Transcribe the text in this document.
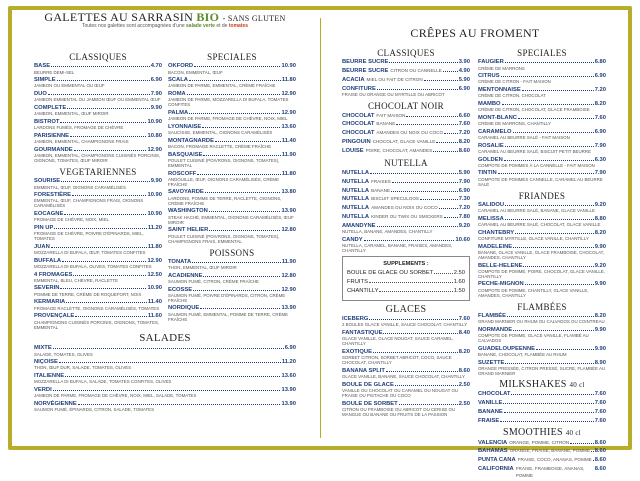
GALETTES AU SARRASIN BIO - SANS GLUTEN
Toutes nos galettes sont accompagnées d'une salade verte et de tomates
CLASSIQUES
BASE	4.70
BEURRE DEMI-SEL
SIMPLE	6.90
JAMBON OU EMMENTAL OU ŒUF
DUO	7.90
JAMBON EMMENTAL OU JAMBON ŒUF OU EMMENTAL ŒUF
COMPLETE	9.90
JAMBON, EMMENTAL, ŒUF MIROIR
BISTROT	10.90
LARDONS FUMÉS, FROMAGE DE CHÈVRE
PARISIENNE	10.80
JAMBON, EMMENTAL, CHAMPIGNONS FRAIS
GOURMANDE	12.90
JAMBON, EMMENTAL, CHAMPIGNONS CUISINÉS PORCINIS, OIGNONS, TOMATES, ŒUF MIROIR
VEGETARIENNES
SOURISE	9.90
EMMENTAL, ŒUF, OIGNONS CARAMÉLISÉS
FORESTIÈRE	10.90
EMMENTAL, ŒUF, CHAMPIGNONS FRAIS, OIGNONS CARAMÉLISÉS
EOCAGNE	10.90
FROMAGE DE CHÈVRE, NOIX, MIEL
PIN UP	11.20
FROMAGE DE CHÈVRE, POIVRE D'ÉPINARDS, MIEL, TOMATES
JUAN	11.80
MOZZARELLA DI BUFALA, ŒUF, TOMATES CONFITES
BUFFALA	12.90
MOZZARELLA DI BUFALA, OLIVES, TOMATES CONFITES
4 FROMAGES	12.50
EMMENTAL, BLEU, CHÈVRE, RACLETTE
SEVERIN	10.90
POMME DE TERRE, CRÈME DE ROQUEFORT, NOIX
KERMARIA	11.40
FROMAGE RACLETTE, OIGNONS CARAMÉLISÉS, TOMATES
PROVENÇALE	11.60
CHAMPIGNONS CUISINÉS PORCINIS, OIGNONS, TOMATES, EMMENTAL
SPECIALES
OKFORD	10.90
BACON, EMMENTAL, ŒUF
SCALA	11.80
JAMBON DE PARME, EMMENTAL, CRÈME FRAÎCHE
ROMA	12.90
JAMBON DE PARME, MOZZARELLA DI BUFALA, TOMATES CONFITES
PALMA	12.90
JAMBON DE PARME, FROMAGE DE CHÈVRE, NOIX, MIEL
LYONNAISE	13.60
SAUCISSE, EMMENTAL, OIGNONS CARAMÉLISÉS
MONTAGNARDE	11.40
BACON, FROMAGE RACLETTE, CRÈME FRAÎCHE
BASQUAISE	11.90
POULET CUISINÉ (POIVRONS, OIGNONS, TOMATES), EMMENTAL
ROSCOFF	11.80
ANDOUILLE, ŒUF, OIGNONS CARAMÉLISÉS, CRÈME FRAÎCHE
SAVOYARDE	13.80
LARDONS, POMME DE TERRE, RACLETTE, OIGNONS, CRÈME FRAÎCHE
WASHINGTON	13.90
STEAK HACHÉ, EMMENTAL, OIGNONS CARAMÉLISÉS, ŒUF MIROIR
SAINT HELIER	12.80
POULET CUISINÉ (POIVRONS, OIGNONS, TOMATES), CHAMPIGNONS FRAIS, EMMENTAL
POISSONS
TONATA	11.90
THON, EMMENTAL, ŒUF MIROIR
ACADIENNE	12.80
SAUMON FUMÉ, CITRON, CRÈME FRAÎCHE
ECOSSE	12.90
SAUMON FUMÉ, POIVRE D'ÉPINARDS, CITRON, CRÈME FRAÎCHE
NORDIQUE	13.90
SAUMON FUMÉ, EMMENTAL, POMME DE TERRE, CRÈME FRAÎCHE
SALADES
MIXTE	6.90
SALADE, TOMATES, OLIVES
NIÇOISE	11.20
THON, ŒUF DUR, SALADE, TOMATES, OLIVES
ITALIENNE	13.60
MOZZARELLA DI BUFALA, SALADE, TOMATES CONFITES, OLIVES
VERDI	13.90
JAMBON DE PARME, FROMAGE DE CHÈVRE, NOIX, MIEL, SALADE, TOMATES
NORVÉGIENNE	13.90
SAUMON FUMÉ, ÉPINARDS, CITRON, SALADE, TOMATES
CRÊPES AU FROMENT
CLASSIQUES
BEURRE SUCRE	3.90
BEURRE SUCRE CITRON OU CANNELLE	4.90
ACACIA MIEL OU FAIT DE CITRON	5.90
CONFITURE	6.90
FRAISE OU ORANGE OU MYRTILLE OU ABRICOT
CHOCOLAT NOIR
CHOCOLAT FAIT MAISON	6.60
CHOCOLAT BANANE	7.60
CHOCOLAT AMANDES OU NOIX OU COCO	7.20
PINGOUIN CHOCOLAT, GLACE VANILLE	8.20
LOUISE POIRE, CHOCOLAT, AMANDES	8.60
NUTELLA
NUTELLA	5.90
NUTELLA FRAISES	7.90
NUTELLA BANANE	6.90
NUTELLA BISCUIT SPECULOOS	7.30
NUTELLA AMANDES OU NOIX OU COCO	7.20
NUTELLA KINDER OU TWIX OU SMICKERS	7.80
AMANDYNE	9.20
NUTELLA, BANANE, AMANDES, CHANTILLY
CANDY	10.60
NUTELLA, CARAMEL, BANANE, FRAISES, AMANDES, CHANTILLY
SUPPLEMENTS :
BOULE DE GLACE OU SORBET	2.50
FRUITS	1.60
CHANTILLY	1.50
GLACES
ICEBERG	7.60
2 BOULES GLACE VANILLE, SAUCE CHOCOLAT, CHANTILLY
FANTASTIQUE	8.40
GLACE VANILLE, GLACE NOUGAT, SAUCE CARAMEL, CHANTILLY
EXOTIQUE	8.20
SORBET CITRON, SORBET ABRICOT, COCO, SAUCE CHOCOLAT, CHANTILLY
BANANA SPLIT	8.60
GLACE VANILLE, BANANE, SAUCE CHOCOLAT, CHANTILLY
BOULE DE GLACE	2.50
VANILLE OU CHOCOLAT OU CARAMEL OU NOUGAT OU FRAISE OU PISTACHE OU COCO
BOULE DE SORBET	2.50
CITRON OU FRAMBOISE OU ABRICOT OU CERISE OU MANGUE OU BANANE OU FRUITS DE LA PASSION
SPECIALES
FAUGIER	6.80
CRÈME DE MARRONS
CITRUS	6.90
CRÈME DE CITRON - FAIT MAISON
MENTONNAISE	7.20
CRÈME DE CITRON, CHOCOLAT
MAMBO	8.20
CRÈME DE CITRON, CHOCOLAT, GLACE FRAMBOISE
MONT-BLANC	7.60
CRÈME DE MARRONS, CHANTILLY
CARAMELO	6.90
CARAMEL AU BEURRE SALÉ - FAIT MAISON
ROSALIE	7.90
CARAMEL AU BEURRE SALÉ, BISCUIT PETIT BEURRE
GOLDEN	6.30
COMPOTE DE POMMES À LA CANNELLE - FAIT MAISON
TINTIN	7.90
COMPOTE DE POMMES CANNELLE, CARAMEL AU BEURRE SALÉ
FRIANDES
SALIDOU	9.20
CARAMEL AU BEURRE SALÉ, BANANE, GLACE VANILLE
MELISSA	8.80
CARAMEL AU BEURRE SALÉ, CHOCOLAT, GLACE VANILLE
CHANTEBRY	8.20
CONFITURE MYRTILLE, GLACE VANILLE, CHANTILLY
MADELEINE	9.90
BANANE, GLACE VANILLE, GLACE FRAMBOISE, CHOCOLAT, AMANDES, CHANTILLY
BELLE-HELENE	9.20
COMPOTE DE POMME, POIRE, CHOCOLAT, GLACE VANILLE, CHANTILLY
PECHE-MIGNON	9.90
COMPOTE DE POMME, CHANTILLY, GLACE VANILLE, AMANDES, CHANTILLY
FLAMBÉES
FLAMBÉE	8.20
GRAND MARNIER OU RHUM OU CALVADOS OU COINTREAU
NORMANDE	9.90
COMPOTE DE POMME, GLACE VANILLE, FLAMBÉ AU CALVADOS
GUADELOUPEENNE	9.90
BANANE, CHOCOLAT, FLAMBÉE AU RHUM
SUZETTE	8.90
ORANGE PRESSÉE, CITRON PRESSÉ, SUCRE, FLAMBÉE AU GRAND MARNIER
MILKSHAKES 40 cl
CHOCOLAT	7.60
VANILLE	7.60
BANANE	7.60
FRAISE	7.60
SMOOTHIES 40 cl
VALENCIA ORANGE, POMME, CITRON	8.60
BAHAMAS ORANGE, FRAISE, BANANE, POMME 8.60
PUNTA CANA FRAISE, COCO, ANANAS, POMME 8.60
CALIFORNIA FRAISE, FRAMBOISE, ANANAS, POMME
8.60
